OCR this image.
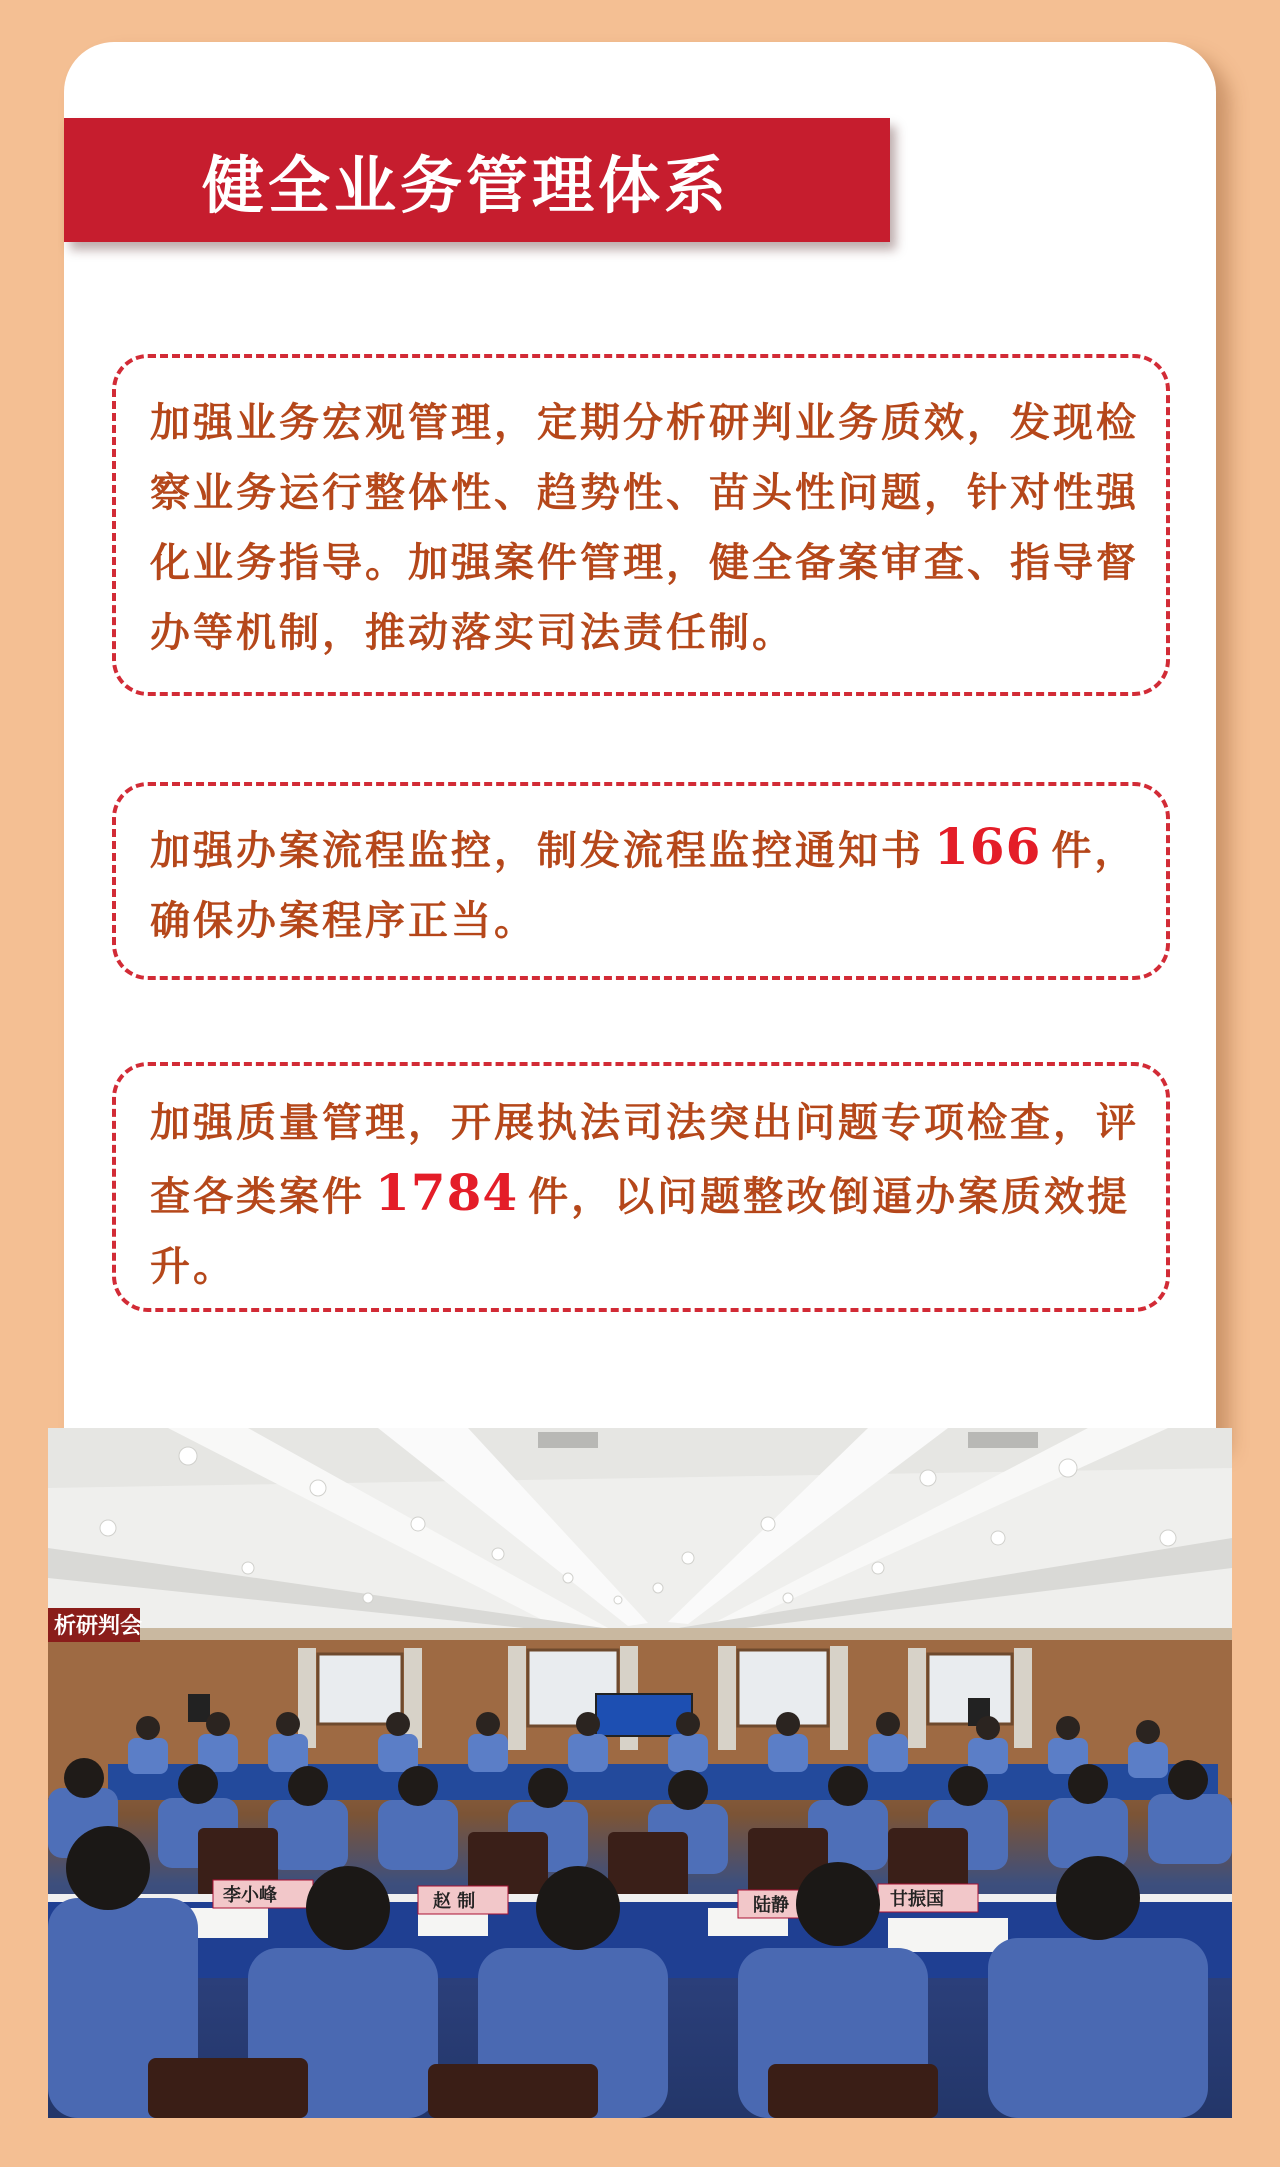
健全业务管理体系

加强业务宏观管理，定期分析研判业务质效，发现检察业务运行整体性、趋势性、苗头性问题，针对性强化业务指导。加强案件管理，健全备案审查、指导督办等机制，推动落实司法责任制。

加强办案流程监控，制发流程监控通知书 166 件，确保办案程序正当。

加强质量管理，开展执法司法突出问题专项检查，评查各类案件 1784 件，以问题整改倒逼办案质效提升。

析研判会
李小峰	赵 制	陆静	甘振国
